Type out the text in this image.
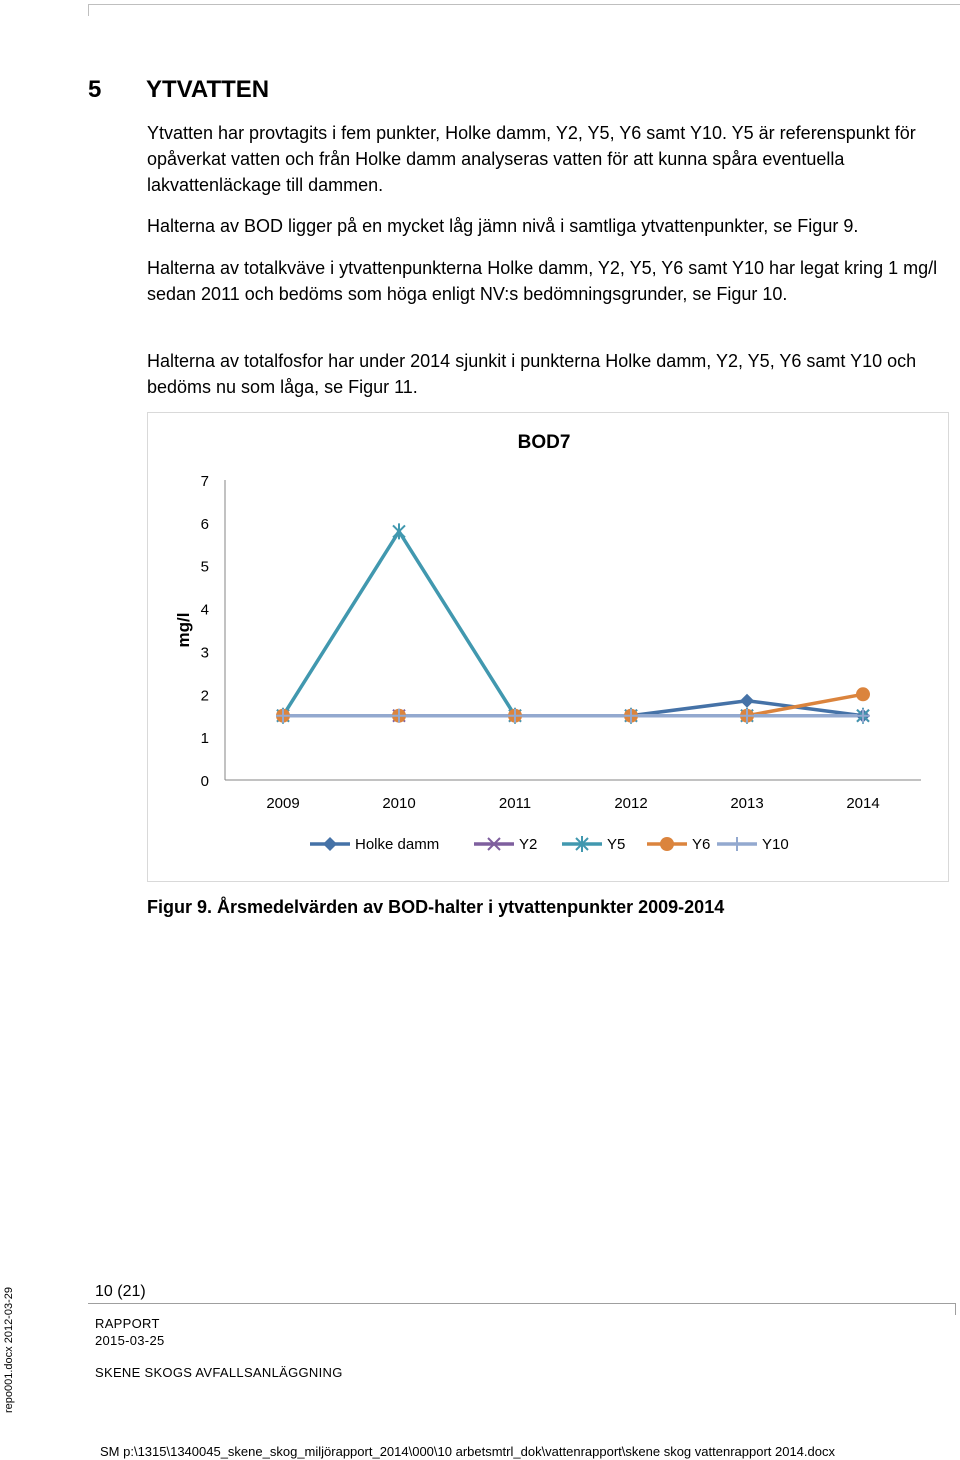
5 YTVATTEN

Ytvatten har provtagits i fem punkter, Holke damm, Y2, Y5, Y6 samt Y10. Y5 är referenspunkt för opåverkat vatten och från Holke damm analyseras vatten för att kunna spåra eventuella lakvattenläckage till dammen.

Halterna av BOD ligger på en mycket låg jämn nivå i samtliga ytvattenpunkter, se Figur 9.

Halterna av totalkväve i ytvattenpunkterna Holke damm, Y2, Y5, Y6 samt Y10 har legat kring 1 mg/l sedan 2011 och bedöms som höga enligt NV:s bedömningsgrunder, se Figur 10.

Halterna av totalfosfor har under 2014 sjunkit i punkterna Holke damm, Y2, Y5, Y6 samt Y10 och bedöms nu som låga, se Figur 11.

BOD7
mg/l
0
1
2
3
4
5
6
7
2009	2010	2011	2012	2013	2014
Holke damm	Y2	Y5	Y6	Y10
Figur 9. Årsmedelvärden av BOD-halter i ytvattenpunkter 2009-2014
10 (21)
RAPPORT
2015-03-25
SKENE SKOGS AVFALLSANLÄGGNING
repo001.docx 2012-03-29
SM p:\1315\1340045_skene_skog_miljörapport_2014\000\10 arbetsmtrl_dok\vattenrapport\skene skog vattenrapport 2014.docx
